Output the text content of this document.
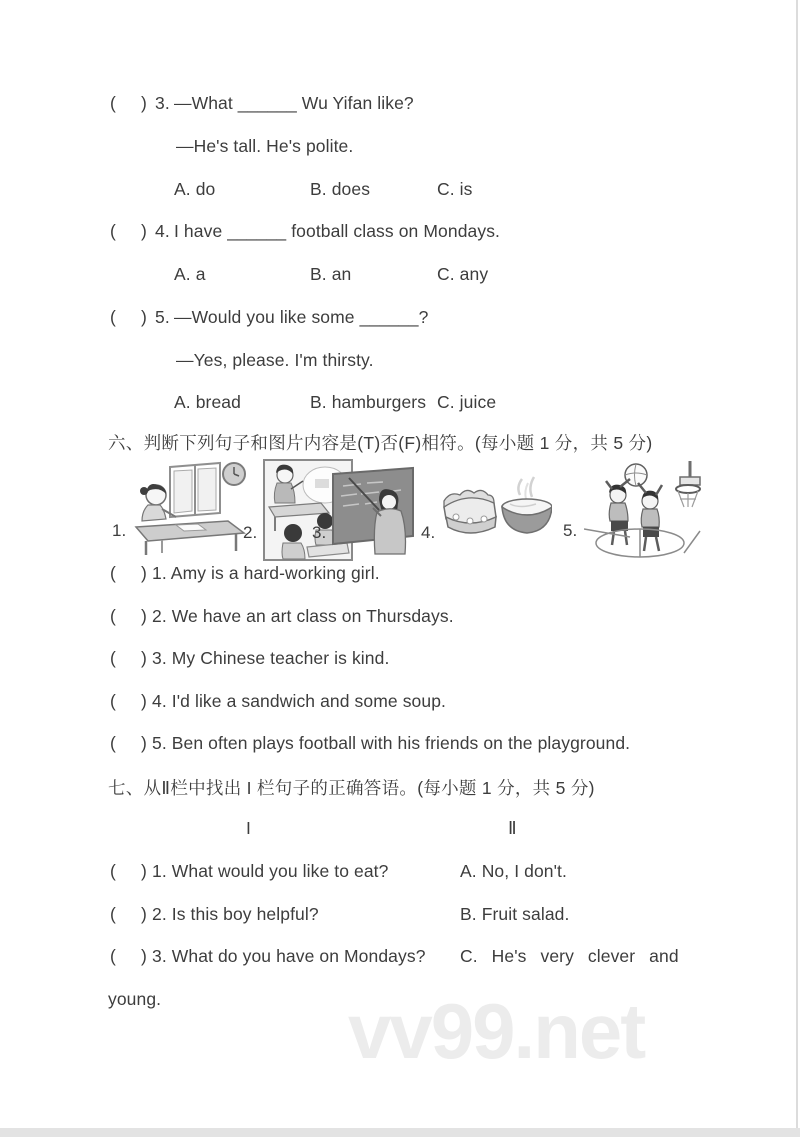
( ) 3. —What ______ Wu Yifan like?
—He's tall. He's polite.
A. do	B. does	C. is
( ) 4. I have ______ football class on Mondays.
A. a	B. an	C. any
( ) 5. —Would you like some ______?
—Yes, please. I'm thirsty.
A. bread	B. hamburgers C. juice
六、判断下列句子和图片内容是(T)否(F)相符。(每小题 1 分，共 5 分)
1.	2.	3.	4.	5.
( ) 1. Amy is a hard-working girl.
( ) 2. We have an art class on Thursdays.
( ) 3. My Chinese teacher is kind.
( ) 4. I'd like a sandwich and some soup.
( ) 5. Ben often plays football with his friends on the playground.
七、从Ⅱ栏中找出 I 栏句子的正确答语。(每小题 1 分，共 5 分)
I	Ⅱ
( ) 1. What would you like to eat?	A. No, I don't.
( ) 2. Is this boy helpful?	B. Fruit salad.
( ) 3. What do you have on Mondays? C. He's very clever and
young. vv99.net
